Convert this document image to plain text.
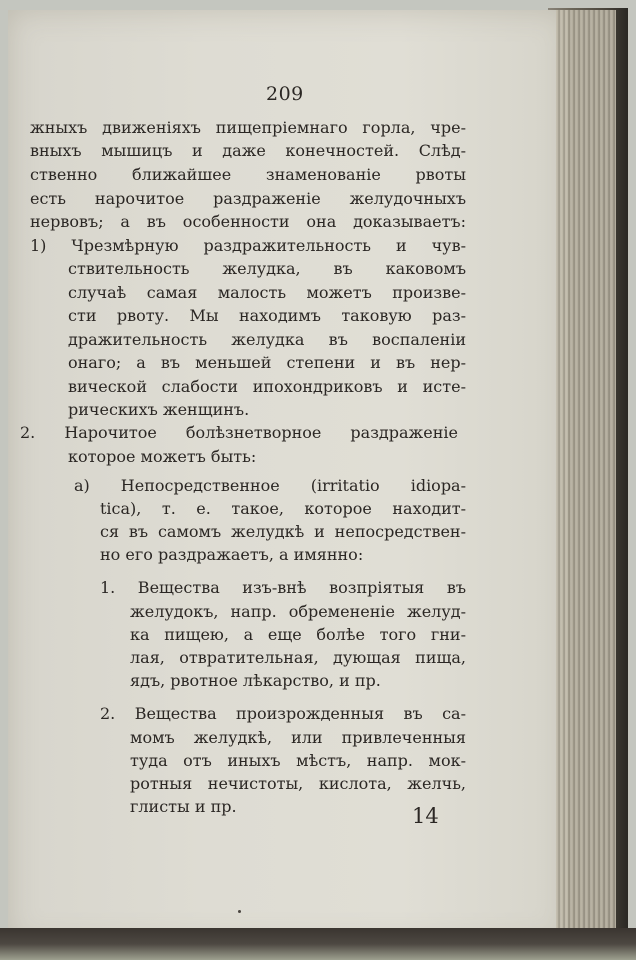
209
жныхъ движенiяхъ пищепрiемнаго горла, чре-
вныхъ мышицъ и даже конечностей. Слѣд-
ственно ближайшее знаменованiе рвоты
есть нарочитое раздраженiе желудочныхъ
нервовъ; а въ особенности она доказываетъ:
1) Чрезмѣрную раздражительность и чув-
ствительность желудка, въ каковомъ
случаѣ самая малость можетъ произве-
сти рвоту. Мы находимъ таковую раз-
дражительность желудка въ воспаленiи
онаго; а въ меньшей степени и въ нер-
вической слабости ипохондриковъ и исте-
рическихъ женщинъ.
2. Нарочитое болѣзнетворное раздраженiе
которое можетъ быть:
a) Непосредственное (irritatio idiopa-
tica), т. е. такое, которое находит-
ся въ самомъ желудкѣ и непосредствен-
но его раздражаетъ, а имянно:
1. Вещества изъ-внѣ возпрiятыя въ
желудокъ, напр. обремененiе желуд-
ка пищею, а еще болѣе того гни-
лая, отвратительная, дующая пища,
ядъ, рвотное лѣкарство, и пр.
2. Вещества произрожденныя въ са-
момъ желудкѣ, или привлеченныя
туда отъ иныхъ мѣстъ, напр. мок-
ротныя нечистоты, кислота, желчь,
глисты и пр.	14
